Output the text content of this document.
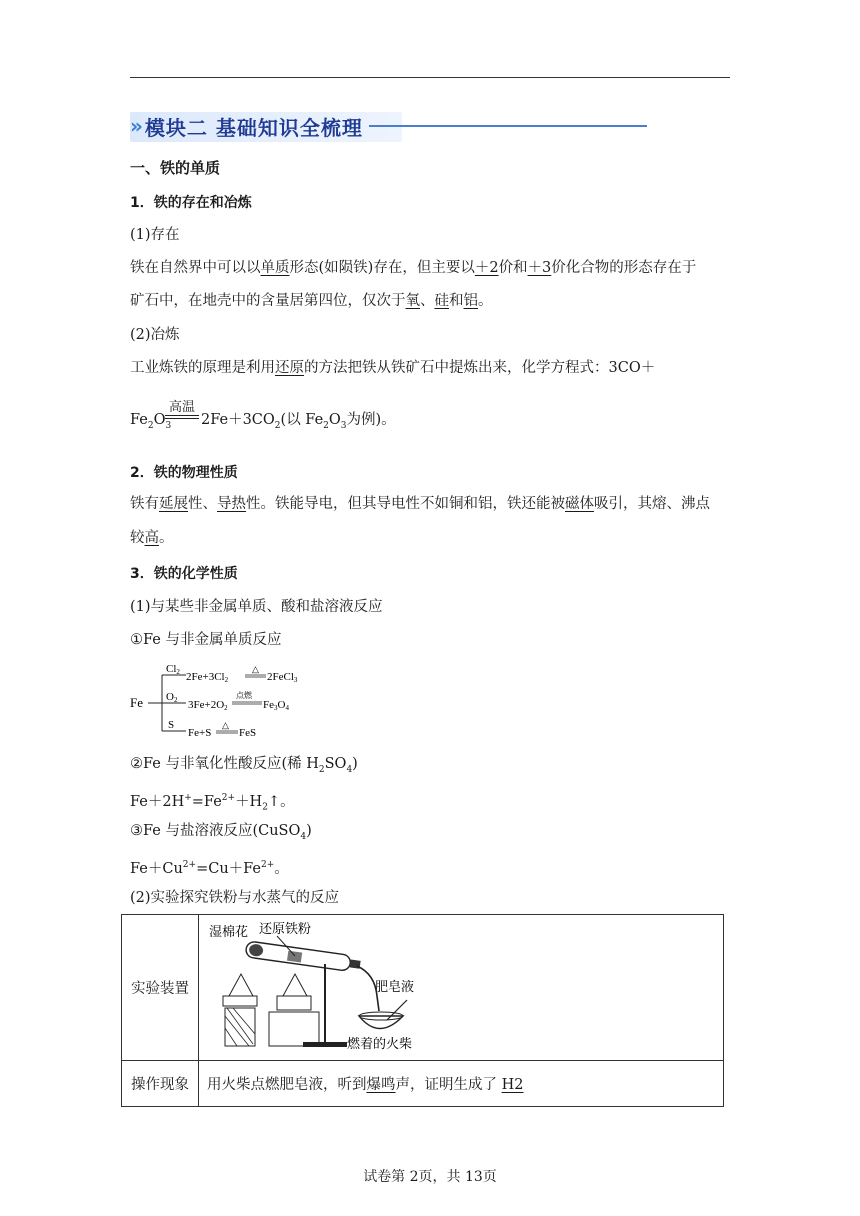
» 模块二 基础知识全梳理
一、铁的单质
1．铁的存在和冶炼
(1)存在
铁在自然界中可以以单质形态(如陨铁)存在，但主要以＋2价和＋3价化合物的形态存在于
矿石中，在地壳中的含量居第四位，仅次于氧、硅和铝。
(2)冶炼
工业炼铁的原理是利用还原的方法把铁从铁矿石中提炼出来，化学方程式：3CO＋
高温
$Fe_2O_3$ $2Fe+3CO_2$(以 $Fe_2O_3$为例)。
2．铁的物理性质
铁有延展性、导热性。铁能导电，但其导电性不如铜和铝，铁还能被磁体吸引，其熔、沸点
较高。
3．铁的化学性质
(1)与某些非金属单质、酸和盐溶液反应
①Fe 与非金属单质反应
Fe
Cl2
O2
S
2Fe+3Cl2
△
2FeCl3
3Fe+2O2
点燃
Fe3O4
Fe+S
△
FeS
②Fe 与非氧化性酸反应(稀 $H_2SO_4$)
$Fe+2H^+=Fe^{2+}+H_2↑$。
③Fe 与盐溶液反应(CuSO$_4$)
$Fe+Cu^{2+}=Cu+Fe^{2+}$。
(2)实验探究铁粉与水蒸气的反应
实验装置	湿棉花 还原铁粉
肥皂液
燃着的火柴

操作现象	用火柴点燃肥皂液，听到爆鸣声，证明生成了 H2
试卷第 2页，共 13页
